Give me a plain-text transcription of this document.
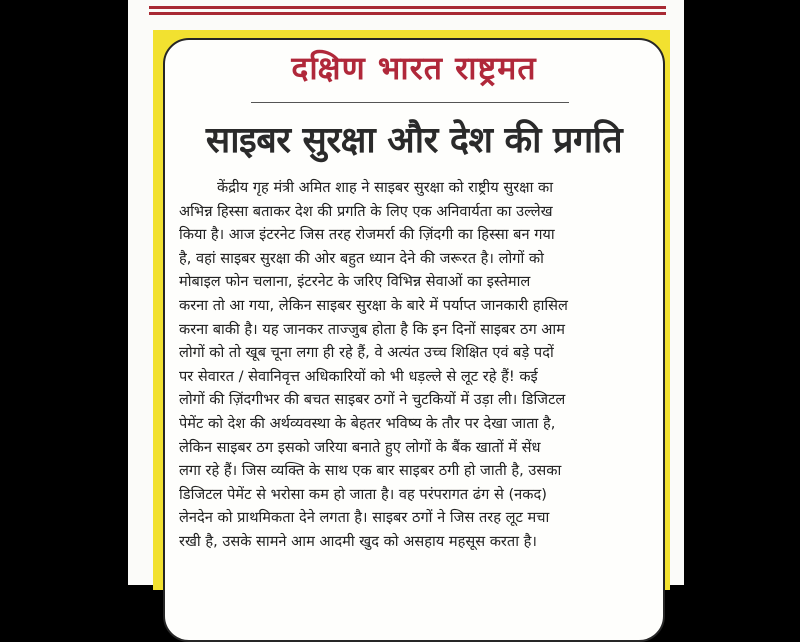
दक्षिण भारत राष्ट्रमत
साइबर सुरक्षा और देश की प्रगति
केंद्रीय गृह मंत्री अमित शाह ने साइबर सुरक्षा को राष्ट्रीय सुरक्षा का
अभिन्न हिस्सा बताकर देश की प्रगति के लिए एक अनिवार्यता का उल्लेख
किया है। आज इंटरनेट जिस तरह रोजमर्रा की ज़िंदगी का हिस्सा बन गया
है, वहां साइबर सुरक्षा की ओर बहुत ध्यान देने की जरूरत है। लोगों को
मोबाइल फोन चलाना, इंटरनेट के जरिए विभिन्न सेवाओं का इस्तेमाल
करना तो आ गया, लेकिन साइबर सुरक्षा के बारे में पर्याप्त जानकारी हासिल
करना बाकी है। यह जानकर ताज्जुब होता है कि इन दिनों साइबर ठग आम
लोगों को तो खूब चूना लगा ही रहे हैं, वे अत्यंत उच्च शिक्षित एवं बड़े पदों
पर सेवारत / सेवानिवृत्त अधिकारियों को भी धड़ल्ले से लूट रहे हैं! कई
लोगों की ज़िंदगीभर की बचत साइबर ठगों ने चुटकियों में उड़ा ली। डिजिटल
पेमेंट को देश की अर्थव्यवस्था के बेहतर भविष्य के तौर पर देखा जाता है,
लेकिन साइबर ठग इसको जरिया बनाते हुए लोगों के बैंक खातों में सेंध
लगा रहे हैं। जिस व्यक्ति के साथ एक बार साइबर ठगी हो जाती है, उसका
डिजिटल पेमेंट से भरोसा कम हो जाता है। वह परंपरागत ढंग से (नकद)
लेनदेन को प्राथमिकता देने लगता है। साइबर ठगों ने जिस तरह लूट मचा
रखी है, उसके सामने आम आदमी खुद को असहाय महसूस करता है।
